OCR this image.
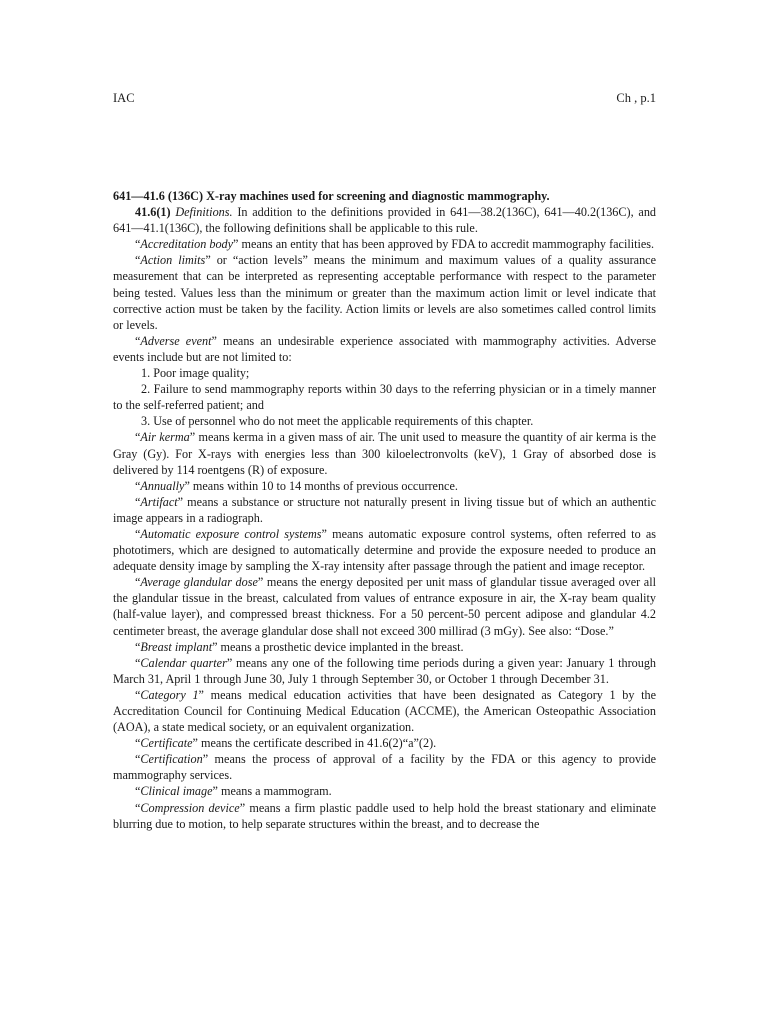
IAC	Ch , p.1

641—41.6 (136C) X-ray machines used for screening and diagnostic mammography.

41.6(1) Definitions. In addition to the definitions provided in 641—38.2(136C), 641—40.2(136C), and 641—41.1(136C), the following definitions shall be applicable to this rule.

“Accreditation body” means an entity that has been approved by FDA to accredit mammography facilities.

“Action limits” or “action levels” means the minimum and maximum values of a quality assurance measurement that can be interpreted as representing acceptable performance with respect to the parameter being tested. Values less than the minimum or greater than the maximum action limit or level indicate that corrective action must be taken by the facility. Action limits or levels are also sometimes called control limits or levels.

“Adverse event” means an undesirable experience associated with mammography activities. Adverse events include but are not limited to:

1. Poor image quality;

2. Failure to send mammography reports within 30 days to the referring physician or in a timely manner to the self-referred patient; and

3. Use of personnel who do not meet the applicable requirements of this chapter.

“Air kerma” means kerma in a given mass of air. The unit used to measure the quantity of air kerma is the Gray (Gy). For X-rays with energies less than 300 kiloelectronvolts (keV), 1 Gray of absorbed dose is delivered by 114 roentgens (R) of exposure.

“Annually” means within 10 to 14 months of previous occurrence.

“Artifact” means a substance or structure not naturally present in living tissue but of which an authentic image appears in a radiograph.

“Automatic exposure control systems” means automatic exposure control systems, often referred to as phototimers, which are designed to automatically determine and provide the exposure needed to produce an adequate density image by sampling the X-ray intensity after passage through the patient and image receptor.

“Average glandular dose” means the energy deposited per unit mass of glandular tissue averaged over all the glandular tissue in the breast, calculated from values of entrance exposure in air, the X-ray beam quality (half-value layer), and compressed breast thickness. For a 50 percent-50 percent adipose and glandular 4.2 centimeter breast, the average glandular dose shall not exceed 300 millirad (3 mGy). See also: “Dose.”

“Breast implant” means a prosthetic device implanted in the breast.

“Calendar quarter” means any one of the following time periods during a given year: January 1 through March 31, April 1 through June 30, July 1 through September 30, or October 1 through December 31.

“Category 1” means medical education activities that have been designated as Category 1 by the Accreditation Council for Continuing Medical Education (ACCME), the American Osteopathic Association (AOA), a state medical society, or an equivalent organization.

“Certificate” means the certificate described in 41.6(2)“a”(2).

“Certification” means the process of approval of a facility by the FDA or this agency to provide mammography services.

“Clinical image” means a mammogram.

“Compression device” means a firm plastic paddle used to help hold the breast stationary and eliminate blurring due to motion, to help separate structures within the breast, and to decrease the
